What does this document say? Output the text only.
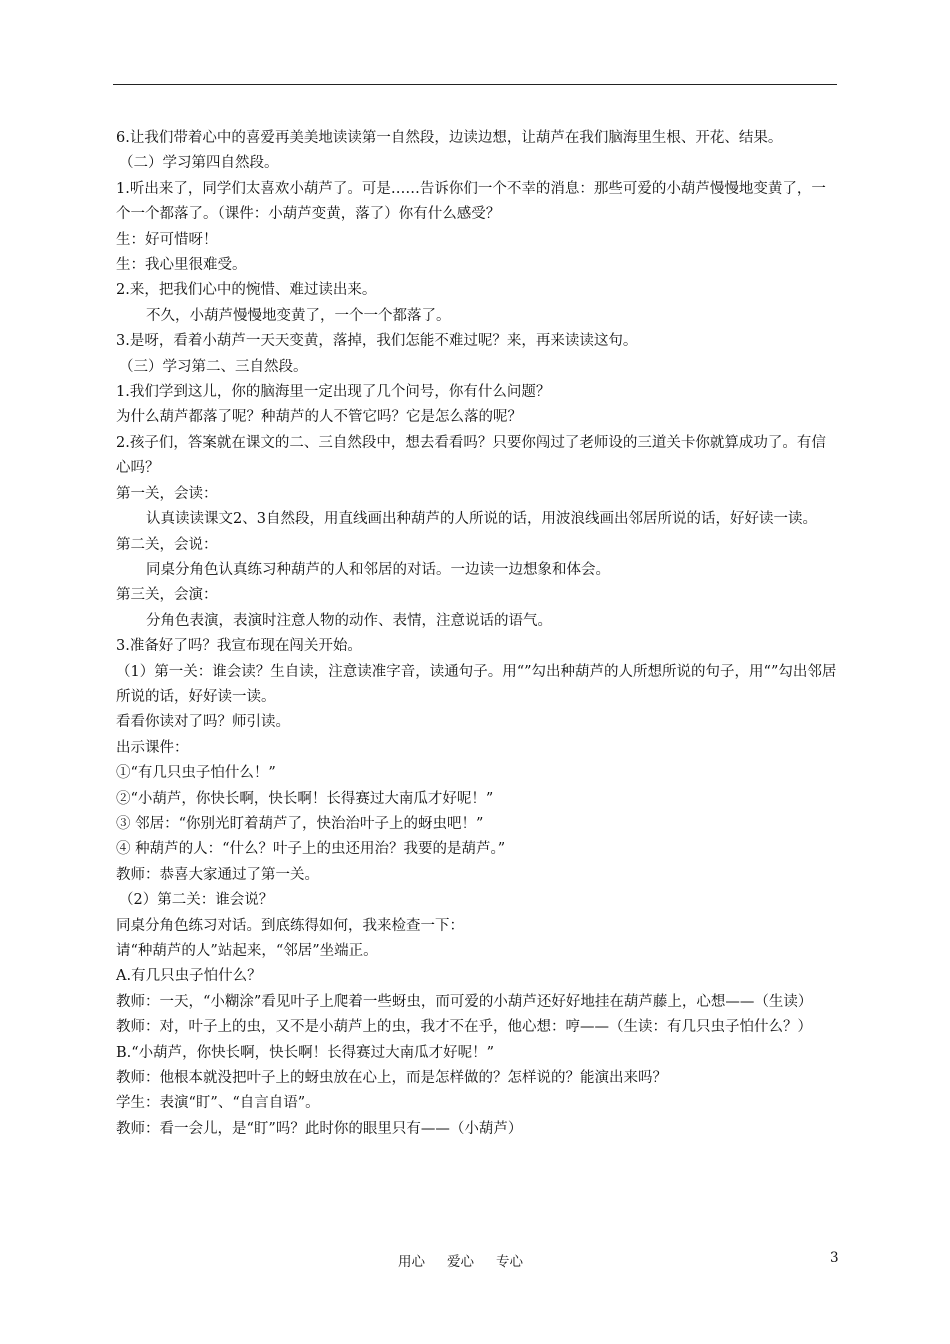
6.让我们带着心中的喜爱再美美地读读第一自然段，边读边想，让葫芦在我们脑海里生根、开花、结果。

（二）学习第四自然段。

1.听出来了，同学们太喜欢小葫芦了。可是……告诉你们一个不幸的消息：那些可爱的小葫芦慢慢地变黄了，一个一个都落了。（课件：小葫芦变黄，落了）你有什么感受？

生：好可惜呀！

生：我心里很难受。

2.来，把我们心中的惋惜、难过读出来。

不久，小葫芦慢慢地变黄了，一个一个都落了。

3.是呀，看着小葫芦一天天变黄，落掉，我们怎能不难过呢？来，再来读读这句。

（三）学习第二、三自然段。

1.我们学到这儿，你的脑海里一定出现了几个问号，你有什么问题？

为什么葫芦都落了呢？种葫芦的人不管它吗？它是怎么落的呢？

2.孩子们，答案就在课文的二、三自然段中，想去看看吗？只要你闯过了老师设的三道关卡你就算成功了。有信心吗？

第一关，会读：

认真读读课文2、3自然段，用直线画出种葫芦的人所说的话，用波浪线画出邻居所说的话，好好读一读。

第二关，会说：

同桌分角色认真练习种葫芦的人和邻居的对话。一边读一边想象和体会。

第三关，会演：

分角色表演，表演时注意人物的动作、表情，注意说话的语气。

3.准备好了吗？我宣布现在闯关开始。

（1）第一关：谁会读？生自读，注意读准字音，读通句子。用“”勾出种葫芦的人所想所说的句子，用“”勾出邻居所说的话，好好读一读。

看看你读对了吗？师引读。

出示课件：

①“有几只虫子怕什么！”

②“小葫芦，你快长啊，快长啊！长得赛过大南瓜才好呢！”

③ 邻居：“你别光盯着葫芦了，快治治叶子上的蚜虫吧！”

④ 种葫芦的人：“什么？叶子上的虫还用治？我要的是葫芦。”

教师：恭喜大家通过了第一关。

（2）第二关：谁会说？

同桌分角色练习对话。到底练得如何，我来检查一下：

请“种葫芦的人”站起来，“邻居”坐端正。

A.有几只虫子怕什么？

教师：一天，“小糊涂”看见叶子上爬着一些蚜虫，而可爱的小葫芦还好好地挂在葫芦藤上，心想——（生读）

教师：对，叶子上的虫，又不是小葫芦上的虫，我才不在乎，他心想：哼——（生读：有几只虫子怕什么？）

B.“小葫芦，你快长啊，快长啊！长得赛过大南瓜才好呢！”

教师：他根本就没把叶子上的蚜虫放在心上，而是怎样做的？怎样说的？能演出来吗？

学生：表演“盯”、“自言自语”。

教师：看一会儿，是“盯”吗？此时你的眼里只有——（小葫芦）

用心 爱心 专心	3
